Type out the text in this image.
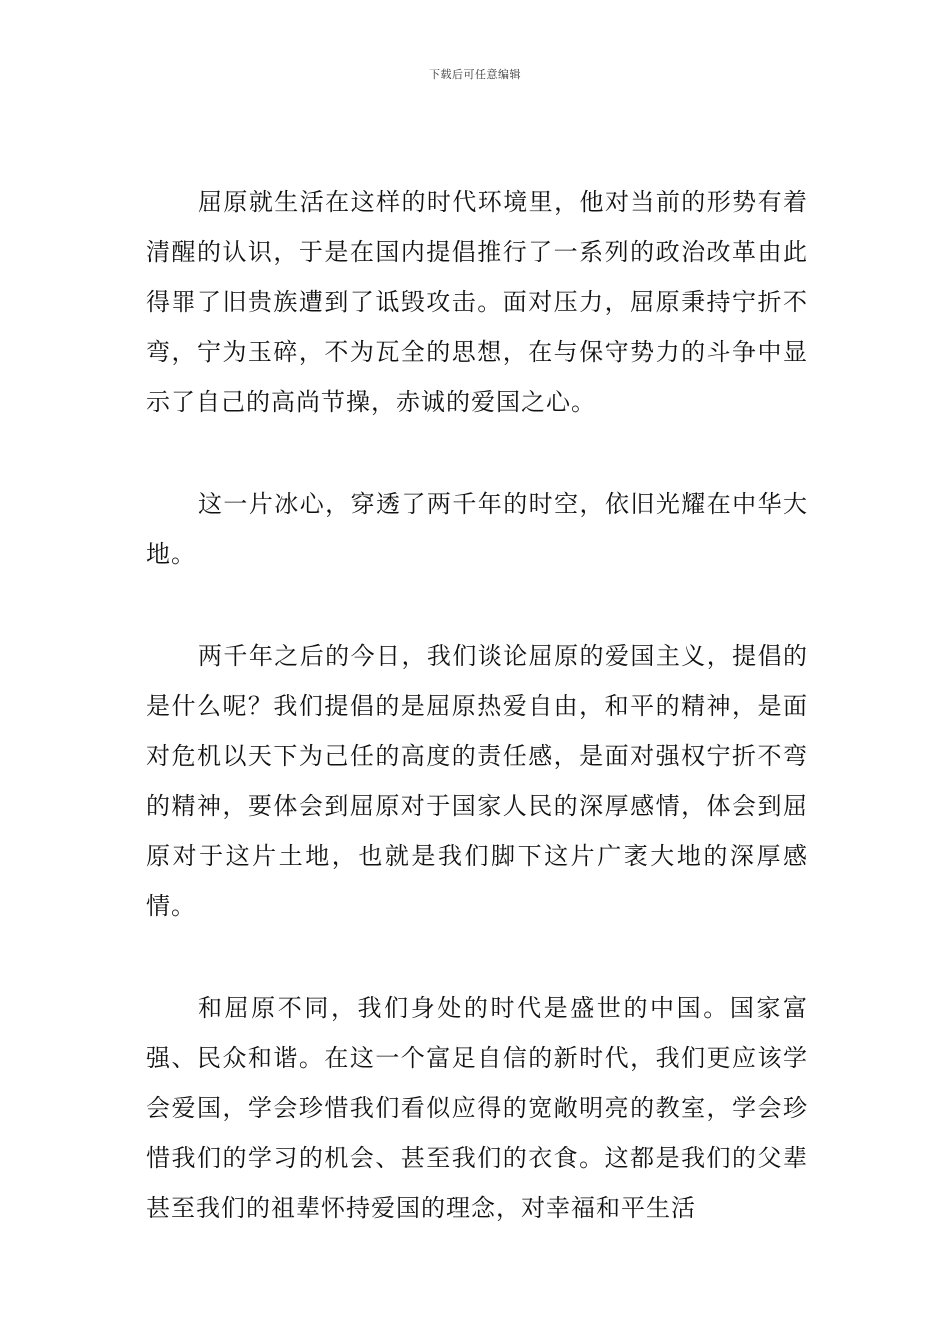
下载后可任意编辑

屈原就生活在这样的时代环境里，他对当前的形势有着清醒的认识，于是在国内提倡推行了一系列的政治改革由此得罪了旧贵族遭到了诋毁攻击。面对压力，屈原秉持宁折不弯，宁为玉碎，不为瓦全的思想，在与保守势力的斗争中显示了自己的高尚节操，赤诚的爱国之心。

这一片冰心，穿透了两千年的时空，依旧光耀在中华大地。

两千年之后的今日，我们谈论屈原的爱国主义，提倡的是什么呢？我们提倡的是屈原热爱自由，和平的精神，是面对危机以天下为己任的高度的责任感，是面对强权宁折不弯的精神，要体会到屈原对于国家人民的深厚感情，体会到屈原对于这片土地，也就是我们脚下这片广袤大地的深厚感情。

和屈原不同，我们身处的时代是盛世的中国。国家富强、民众和谐。在这一个富足自信的新时代，我们更应该学会爱国，学会珍惜我们看似应得的宽敞明亮的教室，学会珍惜我们的学习的机会、甚至我们的衣食。这都是我们的父辈甚至我们的祖辈怀持爱国的理念，对幸福和平生活
